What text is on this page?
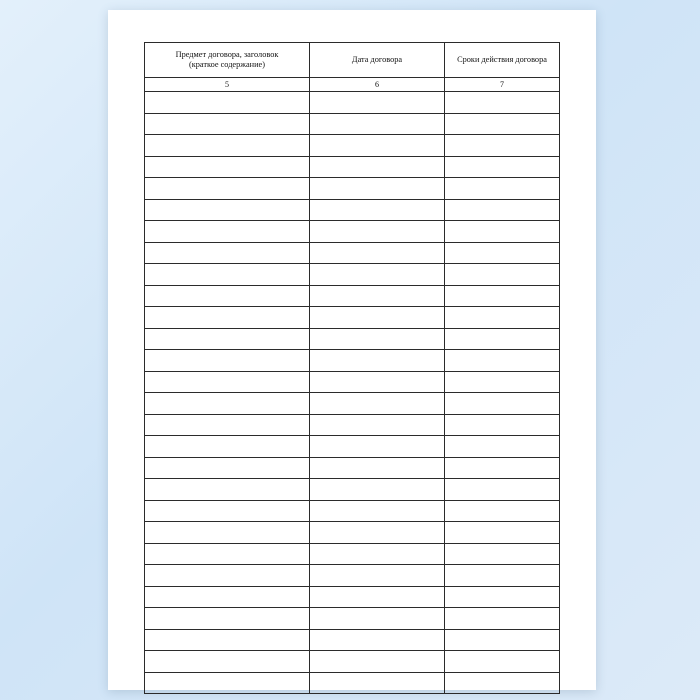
Предмет договора, заголовок
(краткое содержание)	Дата договора	Сроки действия договора
5	6	7
